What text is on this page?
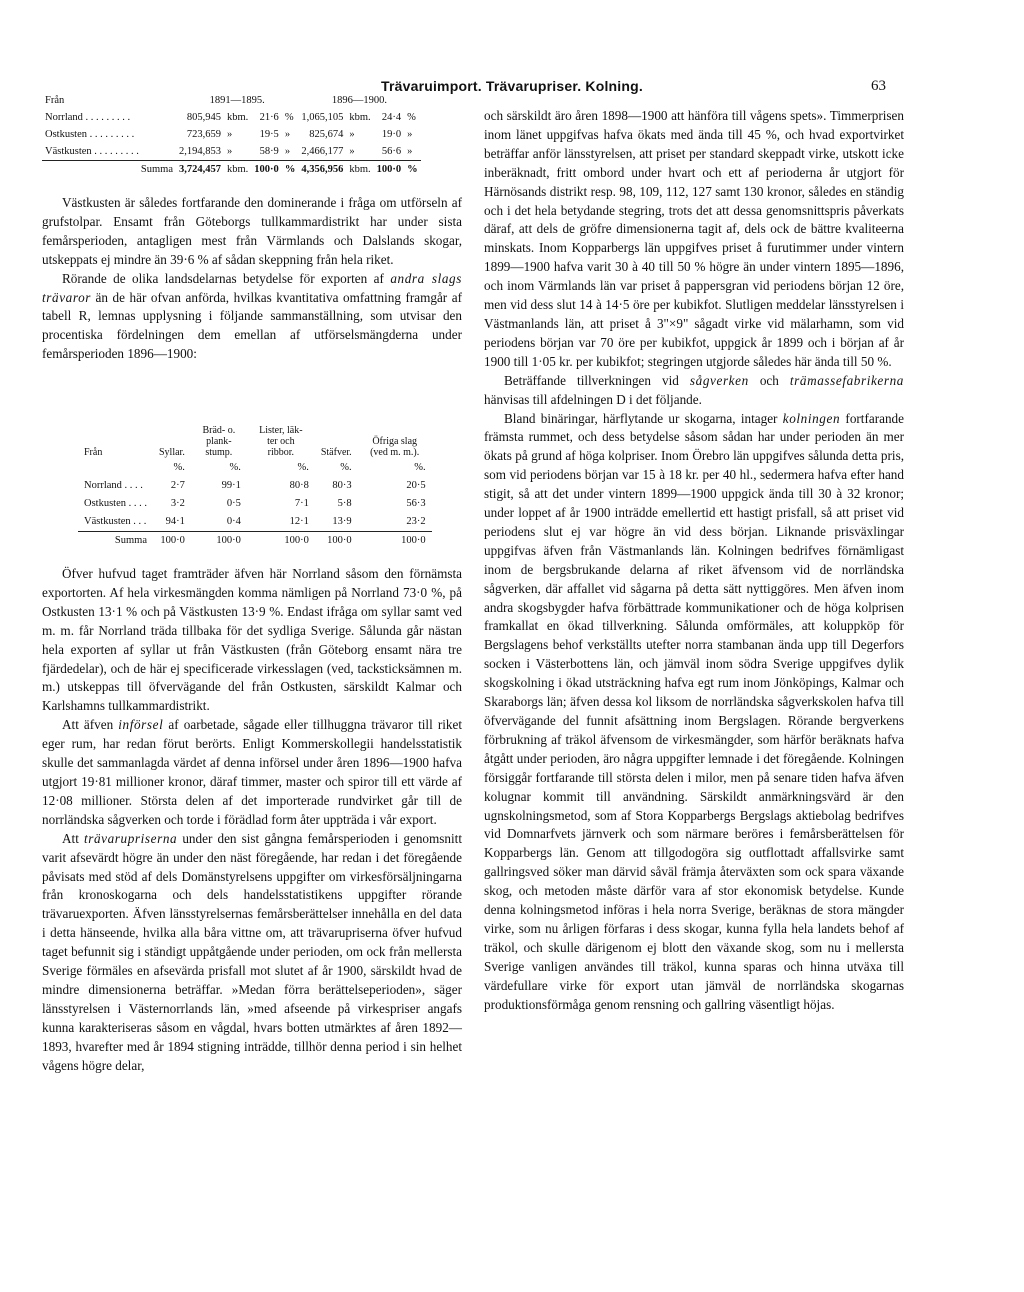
Trävaruimport. Trävarupriser. Kolning.	63
Från	1891—1895.				1896—1900.			
Norrland . . . . . . . . .	805,945	kbm.	21·6	%	1,065,105	kbm.	24·4	%
Ostkusten . . . . . . . . .	723,659	»	19·5	»	825,674	»	19·0	»
Västkusten . . . . . . . . .	2,194,853	»	58·9	»	2,466,177	»	56·6	»
Summa	3,724,457	kbm.	100·0	%	4,356,956	kbm.	100·0	%

Västkusten är således fortfarande den dominerande i fråga om utförseln af grufstolpar. Ensamt från Göteborgs tullkammardistrikt har under sista femårsperioden, antagligen mest från Värmlands och Dalslands skogar, utskeppats ej mindre än 39·6 % af sådan skeppning från hela riket.

Rörande de olika landsdelarnas betydelse för exporten af andra slags trävaror än de här ofvan anförda, hvilkas kvantitativa omfattning framgår af tabell R, lemnas upplysning i följande sammanställning, som utvisar den procentiska fördelningen dem emellan af utförselsmängderna under femårsperioden 1896—1900:

Från	Syllar.	Bräd- o. plank- stump.	Lister, läk- ter och ribbor.	Stäfver.	Öfriga slag (ved m. m.).
	%.	%.	%.	%.	%.
Norrland . . . .	2·7	99·1	80·8	80·3	20·5
Ostkusten . . . .	3·2	0·5	7·1	5·8	56·3
Västkusten . . .	94·1	0·4	12·1	13·9	23·2
Summa	100·0	100·0	100·0	100·0	100·0

Öfver hufvud taget framträder äfven här Norrland såsom den förnämsta exportorten. Af hela virkesmängden komma nämligen på Norrland 73·0 %, på Ostkusten 13·1 % och på Västkusten 13·9 %. Endast ifråga om syllar samt ved m. m. får Norrland träda tillbaka för det sydliga Sverige. Sålunda går nästan hela exporten af syllar ut från Västkusten (från Göteborg ensamt nära tre fjärdedelar), och de här ej specificerade virkesslagen (ved, tacksticksämnen m. m.) utskeppas till öfvervägande del från Ostkusten, särskildt Kalmar och Karlshamns tullkammardistrikt.

Att äfven införsel af oarbetade, sågade eller tillhuggna trävaror till riket eger rum, har redan förut berörts. Enligt Kommerskollegii handelsstatistik skulle det sammanlagda värdet af denna införsel under åren 1896—1900 hafva utgjort 19·81 millioner kronor, däraf timmer, master och spiror till ett värde af 12·08 millioner. Största delen af det importerade rundvirket går till de norrländska sågverken och torde i förädlad form åter uppträda i vår export.

Att trävarupriserna under den sist gångna femårsperioden i genomsnitt varit afsevärdt högre än under den näst föregående, har redan i det föregående påvisats med stöd af dels Domänstyrelsens uppgifter om virkesförsäljningarna från kronoskogarna och dels handelsstatistikens uppgifter rörande trävaruexporten. Äfven länsstyrelsernas femårsberättelser innehålla en del data i detta hänseende, hvilka alla båra vittne om, att trävarupriserna öfver hufvud taget befunnit sig i ständigt uppåtgående under perioden, om ock från mellersta Sverige förmäles en afsevärda prisfall mot slutet af år 1900, särskildt hvad de mindre dimensionerna beträffar. »Medan förra berättelseperioden», säger länsstyrelsen i Västernorrlands län, »med afseende på virkespriser angafs kunna karakteriseras såsom en vågdal, hvars botten utmärktes af åren 1892—1893, hvarefter med år 1894 stigning inträdde, tillhör denna period i sin helhet vågens högre delar,

och särskildt äro åren 1898—1900 att hänföra till vågens spets». Timmerprisen inom länet uppgifvas hafva ökats med ända till 45 %, och hvad exportvirket beträffar anför länsstyrelsen, att priset per standard skeppadt virke, utskott icke inberäknadt, fritt ombord under hvart och ett af perioderna år utgjort för Härnösands distrikt resp. 98, 109, 112, 127 samt 130 kronor, således en ständig och i det hela betydande stegring, trots det att dessa genomsnittspris påverkats däraf, att dels de gröfre dimensionerna tagit af, dels ock de bättre kvaliteerna minskats. Inom Kopparbergs län uppgifves priset å furutimmer under vintern 1899—1900 hafva varit 30 à 40 till 50 % högre än under vintern 1895—1896, och inom Värmlands län var priset å pappersgran vid periodens början 12 öre, men vid dess slut 14 à 14·5 öre per kubikfot. Slutligen meddelar länsstyrelsen i Västmanlands län, att priset å 3"×9" sågadt virke vid mälarhamn, som vid periodens början var 70 öre per kubikfot, uppgick år 1899 och i början af år 1900 till 1·05 kr. per kubikfot; stegringen utgjorde således här ända till 50 %.

Beträffande tillverkningen vid sågverken och trämassefabrikerna hänvisas till afdelningen D i det följande.

Bland binäringar, härflytande ur skogarna, intager kolningen fortfarande främsta rummet, och dess betydelse såsom sådan har under perioden än mer ökats på grund af höga kolpriser. Inom Örebro län uppgifves sålunda detta pris, som vid periodens början var 15 à 18 kr. per 40 hl., sedermera hafva efter hand stigit, så att det under vintern 1899—1900 uppgick ända till 30 à 32 kronor; under loppet af år 1900 inträdde emellertid ett hastigt prisfall, så att priset vid periodens slut ej var högre än vid dess början. Liknande prisväxlingar uppgifvas äfven från Västmanlands län. Kolningen bedrifves förnämligast inom de bergsbrukande delarna af riket äfvensom vid de norrländska sågverken, där affallet vid sågarna på detta sätt nyttiggöres. Men äfven inom andra skogsbygder hafva förbättrade kommunikationer och de höga kolprisen framkallat en ökad tillverkning. Sålunda omförmäles, att koluppköp för Bergslagens behof verkställts utefter norra stambanan ända upp till Degerfors socken i Västerbottens län, och jämväl inom södra Sverige uppgifves dylik skogskolning i ökad utsträckning hafva egt rum inom Jönköpings, Kalmar och Skaraborgs län; äfven dessa kol liksom de norrländska sågverkskolen hafva till öfvervägande del funnit afsättning inom Bergslagen. Rörande bergverkens förbrukning af träkol äfvensom de virkesmängder, som härför beräknats hafva åtgått under perioden, äro några uppgifter lemnade i det föregående. Kolningen försiggår fortfarande till största delen i milor, men på senare tiden hafva äfven kolugnar kommit till användning. Särskildt anmärkningsvärd är den ugnskolningsmetod, som af Stora Kopparbergs Bergslags aktiebolag bedrifves vid Domnarfvets järnverk och som närmare beröres i femårsberättelsen för Kopparbergs län. Genom att tillgodogöra sig outflottadt affallsvirke samt gallringsved söker man därvid såväl främja återväxten som ock spara växande skog, och metoden måste därför vara af stor ekonomisk betydelse. Kunde denna kolningsmetod införas i hela norra Sverige, beräknas de stora mängder virke, som nu årligen förfaras i dess skogar, kunna fylla hela landets behof af träkol, och skulle därigenom ej blott den växande skog, som nu i mellersta Sverige vanligen användes till träkol, kunna sparas och hinna utväxa till värdefullare virke för export utan jämväl de norrländska skogarnas produktionsförmåga genom rensning och gallring väsentligt höjas.
